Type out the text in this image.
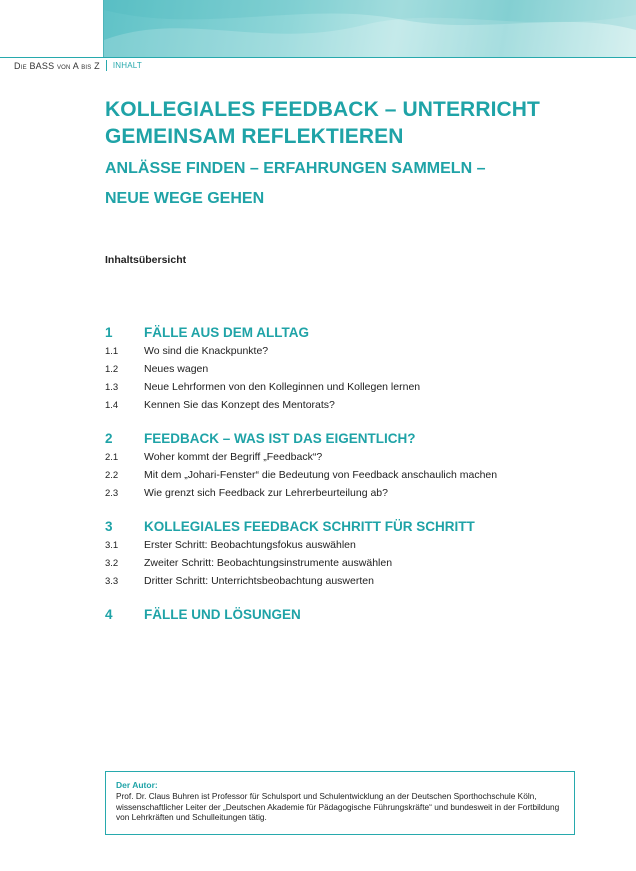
Die BASS von A bis Z INHALT
KOLLEGIALES FEEDBACK – UNTERRICHT
GEMEINSAM REFLEKTIEREN
ANLÄSSE FINDEN – ERFAHRUNGEN SAMMELN –
NEUE WEGE GEHEN
Inhaltsübersicht
1	FÄLLE AUS DEM ALLTAG
1.1	Wo sind die Knackpunkte?
1.2	Neues wagen
1.3	Neue Lehrformen von den Kolleginnen und Kollegen lernen
1.4	Kennen Sie das Konzept des Mentorats?
2	FEEDBACK – WAS IST DAS EIGENTLICH?
2.1	Woher kommt der Begriff „Feedback“?
2.2	Mit dem „Johari-Fenster“ die Bedeutung von Feedback anschaulich machen
2.3	Wie grenzt sich Feedback zur Lehrerbeurteilung ab?
3	KOLLEGIALES FEEDBACK SCHRITT FÜR SCHRITT
3.1	Erster Schritt: Beobachtungsfokus auswählen
3.2	Zweiter Schritt: Beobachtungsinstrumente auswählen
3.3	Dritter Schritt: Unterrichtsbeobachtung auswerten
4	FÄLLE UND LÖSUNGEN
Der Autor:
Prof. Dr. Claus Buhren ist Professor für Schulsport und Schulentwicklung an der Deutschen Sporthochschule Köln, wissenschaftlicher Leiter der „Deutschen Akademie für Pädagogische Führungskräfte“ und bundesweit in der Fortbildung von Lehrkräften und Schulleitungen tätig.
